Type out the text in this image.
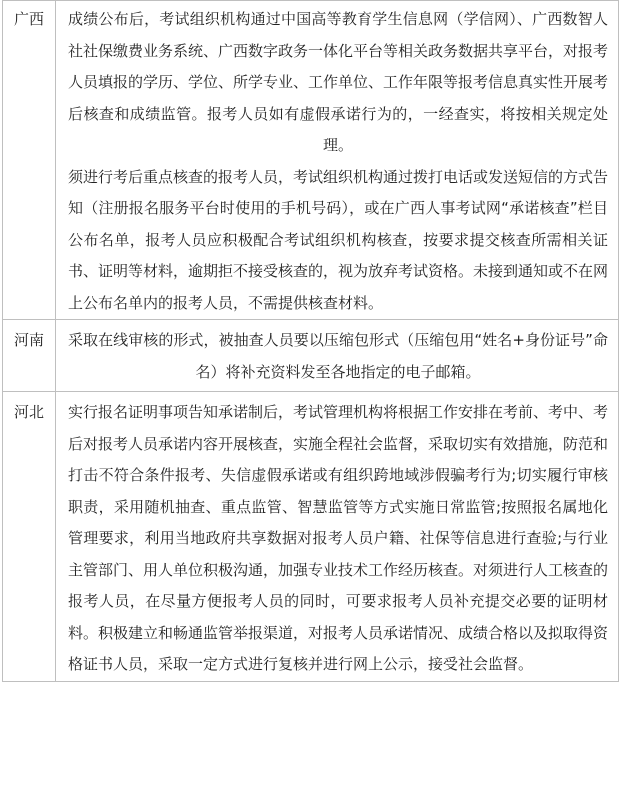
广西	成绩公布后，考试组织机构通过中国高等教育学生信息网（学信网）、广西数智人社社保缴费业务系统、广西数字政务一体化平台等相关政务数据共享平台，对报考人员填报的学历、学位、所学专业、工作单位、工作年限等报考信息真实性开展考后核查和成绩监管。报考人员如有虚假承诺行为的，一经查实，将按相关规定处理。

须进行考后重点核查的报考人员，考试组织机构通过拨打电话或发送短信的方式告知（注册报名服务平台时使用的手机号码），或在广西人事考试网“承诺核查”栏目公布名单，报考人员应积极配合考试组织机构核查，按要求提交核查所需相关证书、证明等材料，逾期拒不接受核查的，视为放弃考试资格。未接到通知或不在网上公布名单内的报考人员，不需提供核查材料。

河南	采取在线审核的形式，被抽查人员要以压缩包形式（压缩包用“姓名+身份证号”命名）将补充资料发至各地指定的电子邮箱。

河北	实行报名证明事项告知承诺制后，考试管理机构将根据工作安排在考前、考中、考后对报考人员承诺内容开展核查，实施全程社会监督，采取切实有效措施，防范和打击不符合条件报考、失信虚假承诺或有组织跨地域涉假骗考行为;切实履行审核职责，采用随机抽查、重点监管、智慧监管等方式实施日常监管;按照报名属地化管理要求，利用当地政府共享数据对报考人员户籍、社保等信息进行查验;与行业主管部门、用人单位积极沟通，加强专业技术工作经历核查。对须进行人工核查的报考人员，在尽量方便报考人员的同时，可要求报考人员补充提交必要的证明材料。积极建立和畅通监管举报渠道，对报考人员承诺情况、成绩合格以及拟取得资格证书人员，采取一定方式进行复核并进行网上公示，接受社会监督。
